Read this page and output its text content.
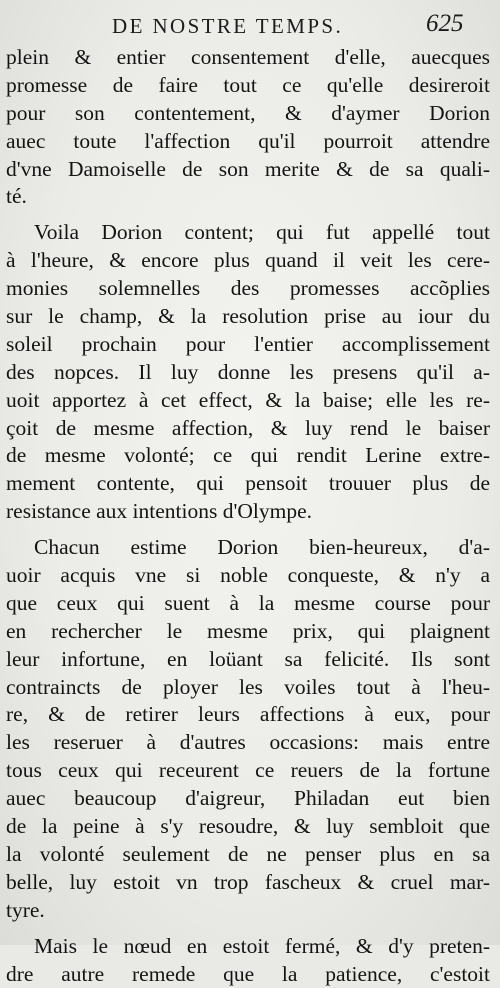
DE NOSTRE TEMPS.	625
plein & entier consentement d'elle, auecques
promesse de faire tout ce qu'elle desireroit
pour son contentement, & d'aymer Dorion
auec toute l'affection qu'il pourroit attendre
d'vne Damoiselle de son merite & de sa quali-
té.
Voila Dorion content; qui fut appellé tout
à l'heure, & encore plus quand il veit les cere-
monies solemnelles des promesses accõplies
sur le champ, & la resolution prise au iour du
soleil prochain pour l'entier accomplissement
des nopces. Il luy donne les presens qu'il a-
uoit apportez à cet effect, & la baise; elle les re-
çoit de mesme affection, & luy rend le baiser
de mesme volonté; ce qui rendit Lerine extre-
mement contente, qui pensoit trouuer plus de
resistance aux intentions d'Olympe.
Chacun estime Dorion bien-heureux, d'a-
uoir acquis vne si noble conqueste, & n'y a
que ceux qui suent à la mesme course pour
en rechercher le mesme prix, qui plaignent
leur infortune, en loüant sa felicité. Ils sont
contraincts de ployer les voiles tout à l'heu-
re, & de retirer leurs affections à eux, pour
les reseruer à d'autres occasions: mais entre
tous ceux qui receurent ce reuers de la fortune
auec beaucoup d'aigreur, Philadan eut bien
de la peine à s'y resoudre, & luy sembloit que
la volonté seulement de ne penser plus en sa
belle, luy estoit vn trop fascheux & cruel mar-
tyre.
Mais le nœud en estoit fermé, & d'y preten-
dre autre remede que la patience, c'estoit
